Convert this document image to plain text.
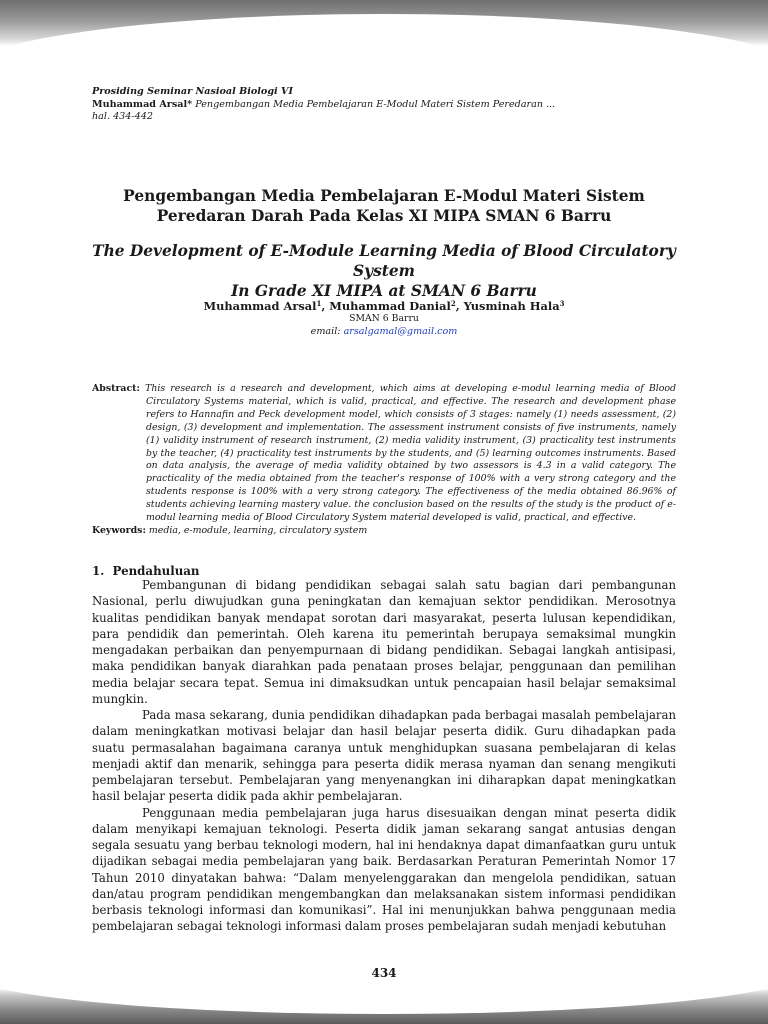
Prosiding Seminar Nasioal Biologi VI
Muhammad Arsal* Pengembangan Media Pembelajaran E-Modul Materi Sistem Peredaran ...
hal. 434-442
Pengembangan Media Pembelajaran E-Modul Materi Sistem
Peredaran Darah Pada Kelas XI MIPA SMAN 6 Barru
The Development of E-Module Learning Media of Blood Circulatory System
In Grade XI MIPA at SMAN 6 Barru
Muhammad Arsal$^1$, Muhammad Danial$^2$, Yusminah Hala$^3$
SMAN 6 Barru
email: arsalgamal@gmail.com
Abstract: This research is a research and development, which aims at developing e-modul learning media of Blood Circulatory Systems material, which is valid, practical, and effective. The research and development phase refers to Hannafin and Peck development model, which consists of 3 stages: namely (1) needs assessment, (2) design, (3) development and implementation. The assessment instrument consists of five instruments, namely (1) validity instrument of research instrument, (2) media validity instrument, (3) practicality test instruments by the teacher, (4) practicality test instruments by the students, and (5) learning outcomes instruments. Based on data analysis, the average of media validity obtained by two assessors is 4.3 in a valid category. The practicality of the media obtained from the teacher's response of 100% with a very strong category and the students response is 100% with a very strong category. The effectiveness of the media obtained 86.96% of students achieving learning mastery value. the conclusion based on the results of the study is the product of e-modul learning media of Blood Circulatory System material developed is valid, practical, and effective.
Keywords: media, e-module, learning, circulatory system
1. Pendahuluan

Pembangunan di bidang pendidikan sebagai salah satu bagian dari pembangunan Nasional, perlu diwujudkan guna peningkatan dan kemajuan sektor pendidikan. Merosotnya kualitas pendidikan banyak mendapat sorotan dari masyarakat, peserta lulusan kependidikan, para pendidik dan pemerintah. Oleh karena itu pemerintah berupaya semaksimal mungkin mengadakan perbaikan dan penyempurnaan di bidang pendidikan. Sebagai langkah antisipasi, maka pendidikan banyak diarahkan pada penataan proses belajar, penggunaan dan pemilihan media belajar secara tepat. Semua ini dimaksudkan untuk pencapaian hasil belajar semaksimal mungkin.

Pada masa sekarang, dunia pendidikan dihadapkan pada berbagai masalah pembelajaran dalam meningkatkan motivasi belajar dan hasil belajar peserta didik. Guru dihadapkan pada suatu permasalahan bagaimana caranya untuk menghidupkan suasana pembelajaran di kelas menjadi aktif dan menarik, sehingga para peserta didik merasa nyaman dan senang mengikuti pembelajaran tersebut. Pembelajaran yang menyenangkan ini diharapkan dapat meningkatkan hasil belajar peserta didik pada akhir pembelajaran.

Penggunaan media pembelajaran juga harus disesuaikan dengan minat peserta didik dalam menyikapi kemajuan teknologi. Peserta didik jaman sekarang sangat antusias dengan segala sesuatu yang berbau teknologi modern, hal ini hendaknya dapat dimanfaatkan guru untuk dijadikan sebagai media pembelajaran yang baik. Berdasarkan Peraturan Pemerintah Nomor 17 Tahun 2010 dinyatakan bahwa: “Dalam menyelenggarakan dan mengelola pendidikan, satuan dan/atau program pendidikan mengembangkan dan melaksanakan sistem informasi pendidikan berbasis teknologi informasi dan komunikasi”. Hal ini menunjukkan bahwa penggunaan media pembelajaran sebagai teknologi informasi dalam proses pembelajaran sudah menjadi kebutuhan

434
